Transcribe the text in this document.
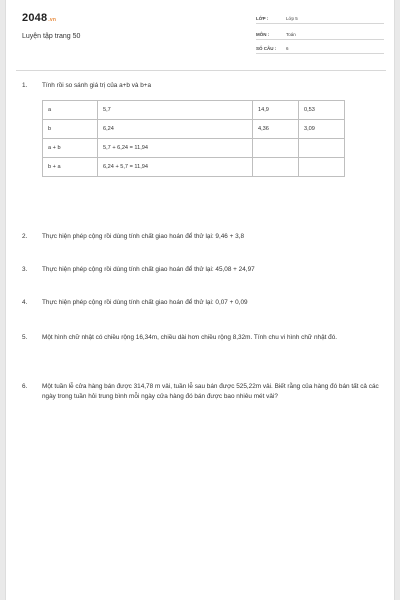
2048.vn
Luyện tập trang 50
LỚP :	Lớp 5
MÔN :	Toán
SỐ CÂU : 6
1. Tính rồi so sánh giá trị của a+b và b+a
a	5,7	14,9	0,53
b	6,24	4,36	3,09
a + b	5,7 + 6,24 = 11,94		
b + a	6,24 + 5,7 = 11,94		
2. Thực hiện phép cộng rồi dùng tính chất giao hoán để thử lại: 9,46 + 3,8
3. Thực hiện phép cộng rồi dùng tính chất giao hoán để thử lại: 45,08 + 24,97
4. Thực hiện phép cộng rồi dùng tính chất giao hoán để thử lại: 0,07 + 0,09
5. Một hình chữ nhật có chiều rộng 16,34m, chiều dài hơn chiều rộng 8,32m. Tính chu vi hình chữ nhật đó.
6. Một tuần lễ cửa hàng bán được 314,78 m vải, tuần lễ sau bán được 525,22m vải. Biết rằng của hàng đó bán tất cả các ngày trong tuần hỏi trung bình mỗi ngày cửa hàng đó bán được bao nhiêu mét vải?
